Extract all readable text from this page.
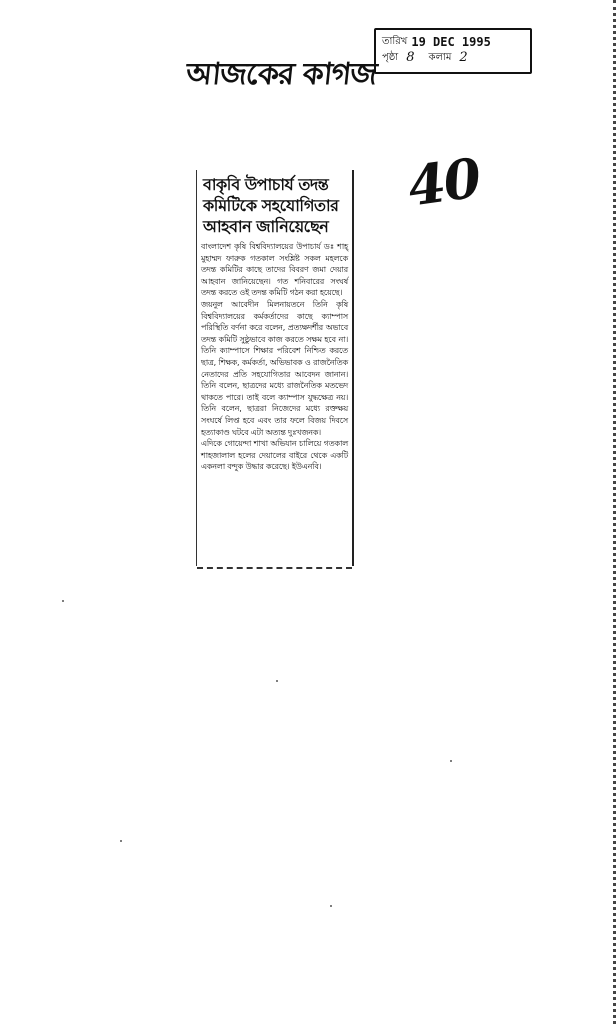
আজকের কাগজ
তারিখ 19 DEC 1995
পৃষ্ঠা 8 কলাম 2
40
বাকৃবি উপাচার্য তদন্ত
কমিটিকে সহযোগিতার
আহবান জানিয়েছেন
বাংলাদেশ কৃষি বিশ্ববিদ্যালয়ের উপাচার্য ডঃ শাহ্ মুহাম্মদ ফারুক গতকাল সংশ্লিষ্ট সকল মহলকে তদন্ত কমিটির কাছে তাদের বিবরণ জমা দেয়ার আহবান জানিয়েছেন। গত শনিবারের সংঘর্ষ তদন্ত করতে ওই তদন্ত কমিটি গঠন করা হয়েছে।
জয়নুল আবেদীন মিলনায়তনে তিনি কৃষি বিশ্ববিদ্যালয়ের কর্মকর্তাদের কাছে ক্যাম্পাস পরিস্থিতি বর্ণনা করে বলেন, প্রত্যক্ষদর্শীর অভাবে তদন্ত কমিটি সুষ্ঠুভাবে কাজ করতে সক্ষম হবে না। তিনি ক্যাম্পাসে শিক্ষার পরিবেশ নিশ্চিত করতে ছাত্র, শিক্ষক, কর্মকর্তা, অভিভাবক ও রাজনৈতিক নেতাদের প্রতি সহযোগিতার আবেদন জানান। তিনি বলেন, ছাত্রদের মধ্যে রাজনৈতিক মতভেদ থাকতে পারে। তাই বলে ক্যাম্পাস যুদ্ধক্ষেত্র নয়। তিনি বলেন, ছাত্ররা নিজেদের মধ্যে রক্তক্ষয় সংঘর্ষে লিপ্ত হবে এবং তার ফলে বিজয় দিবসে হত্যাকাণ্ড ঘটবে এটা অত্যন্ত দুঃখজনক।
এদিকে গোয়েন্দা শাখা অভিযান চালিয়ে গতকাল শাহজালাল হলের দেয়ালের বাইরে থেকে একটি একনলা বন্দুক উদ্ধার করেছে। ইউএনবি।
